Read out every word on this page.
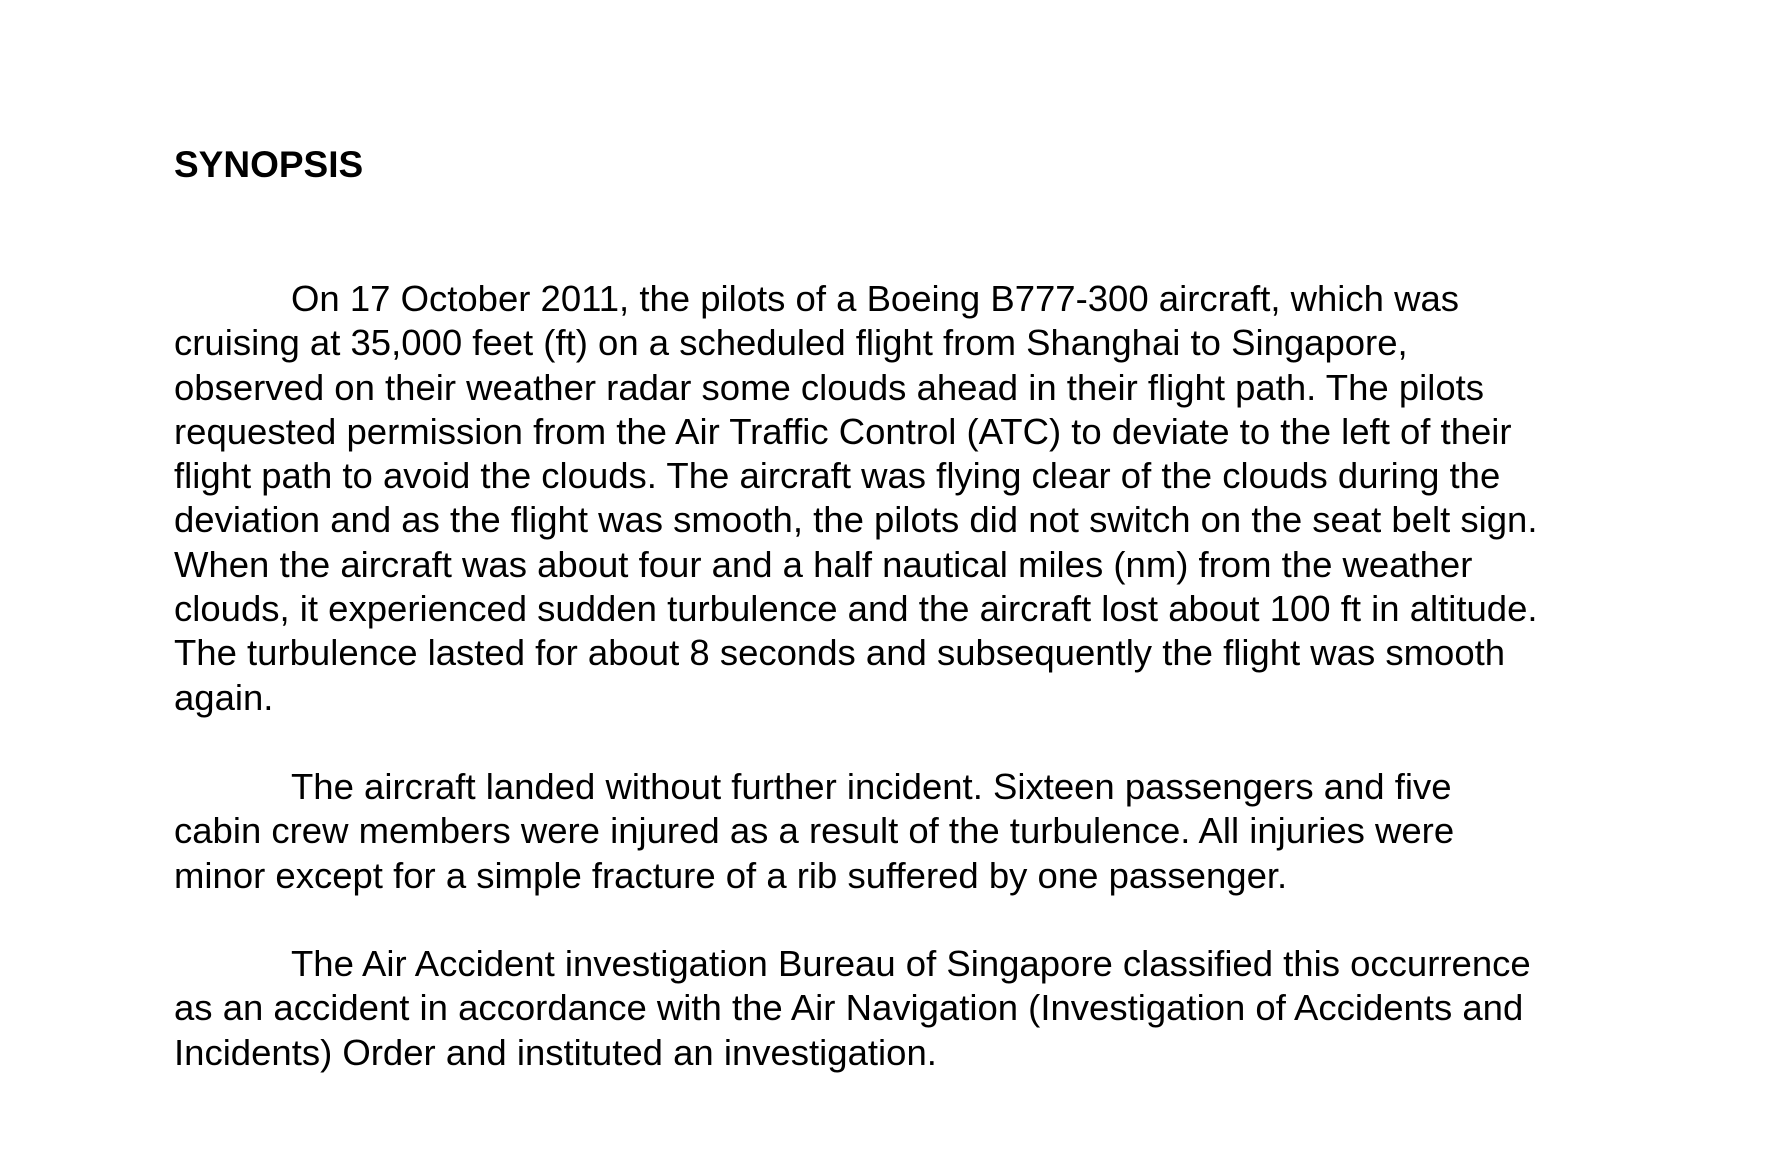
SYNOPSIS

On 17 October 2011, the pilots of a Boeing B777-300 aircraft, which was
cruising at 35,000 feet (ft) on a scheduled flight from Shanghai to Singapore,
observed on their weather radar some clouds ahead in their flight path. The pilots
requested permission from the Air Traffic Control (ATC) to deviate to the left of their
flight path to avoid the clouds. The aircraft was flying clear of the clouds during the
deviation and as the flight was smooth, the pilots did not switch on the seat belt sign.
When the aircraft was about four and a half nautical miles (nm) from the weather
clouds, it experienced sudden turbulence and the aircraft lost about 100 ft in altitude.
The turbulence lasted for about 8 seconds and subsequently the flight was smooth
again.

The aircraft landed without further incident. Sixteen passengers and five
cabin crew members were injured as a result of the turbulence. All injuries were
minor except for a simple fracture of a rib suffered by one passenger.

The Air Accident investigation Bureau of Singapore classified this occurrence
as an accident in accordance with the Air Navigation (Investigation of Accidents and
Incidents) Order and instituted an investigation.
